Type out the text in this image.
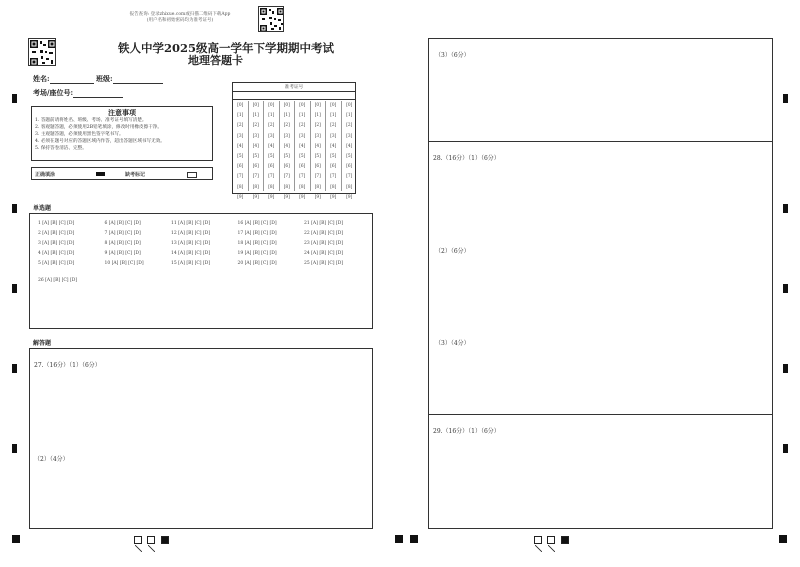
报告查询: 登录zhixue.com或扫描二维码下载App
(用户名和初始密码均为准考证号)
铁人中学2025级高一学年下学期期中考试
地理答题卡
姓名:	班级:
考场/座位号:
准考证号
[0]
[1]
[2]
[3]
[4]
[5]
[6]
[7]
[8]
[9]
[0]
[1]
[2]
[3]
[4]
[5]
[6]
[7]
[8]
[9]
[0]
[1]
[2]
[3]
[4]
[5]
[6]
[7]
[8]
[9]
[0]
[1]
[2]
[3]
[4]
[5]
[6]
[7]
[8]
[9]
[0]
[1]
[2]
[3]
[4]
[5]
[6]
[7]
[8]
[9]
[0]
[1]
[2]
[3]
[4]
[5]
[6]
[7]
[8]
[9]
[0]
[1]
[2]
[3]
[4]
[5]
[6]
[7]
[8]
[9]
[0]
[1]
[2]
[3]
[4]
[5]
[6]
[7]
[8]
[9]
注意事项
1. 答题前请将姓名、班级、考场、准考证号填写清楚。
2. 客观题答题，必须使用2B铅笔填涂，修改时用橡皮擦干净。
3. 主观题答题，必须使用黑色签字笔书写。
4. 必须在题号对应的答题区域内作答，超出答题区域书写无效。
5. 保持答卷清洁、完整。
正确填涂	缺考标记
单选题
1 [A] [B] [C] [D]
2 [A] [B] [C] [D]
3 [A] [B] [C] [D]
4 [A] [B] [C] [D]
5 [A] [B] [C] [D]
6 [A] [B] [C] [D]
7 [A] [B] [C] [D]
8 [A] [B] [C] [D]
9 [A] [B] [C] [D]
10 [A] [B] [C] [D]
11 [A] [B] [C] [D]
12 [A] [B] [C] [D]
13 [A] [B] [C] [D]
14 [A] [B] [C] [D]
15 [A] [B] [C] [D]
16 [A] [B] [C] [D]
17 [A] [B] [C] [D]
18 [A] [B] [C] [D]
19 [A] [B] [C] [D]
20 [A] [B] [C] [D]
21 [A] [B] [C] [D]
22 [A] [B] [C] [D]
23 [A] [B] [C] [D]
24 [A] [B] [C] [D]
25 [A] [B] [C] [D]
26 [A] [B] [C] [D]
解答题
27.（16分）（1）（6分）
（2）（4分）
（3）（6分）
28.（16分）（1）（6分）
（2）（6分）
（3）（4分）
29.（16分）（1）（6分）
